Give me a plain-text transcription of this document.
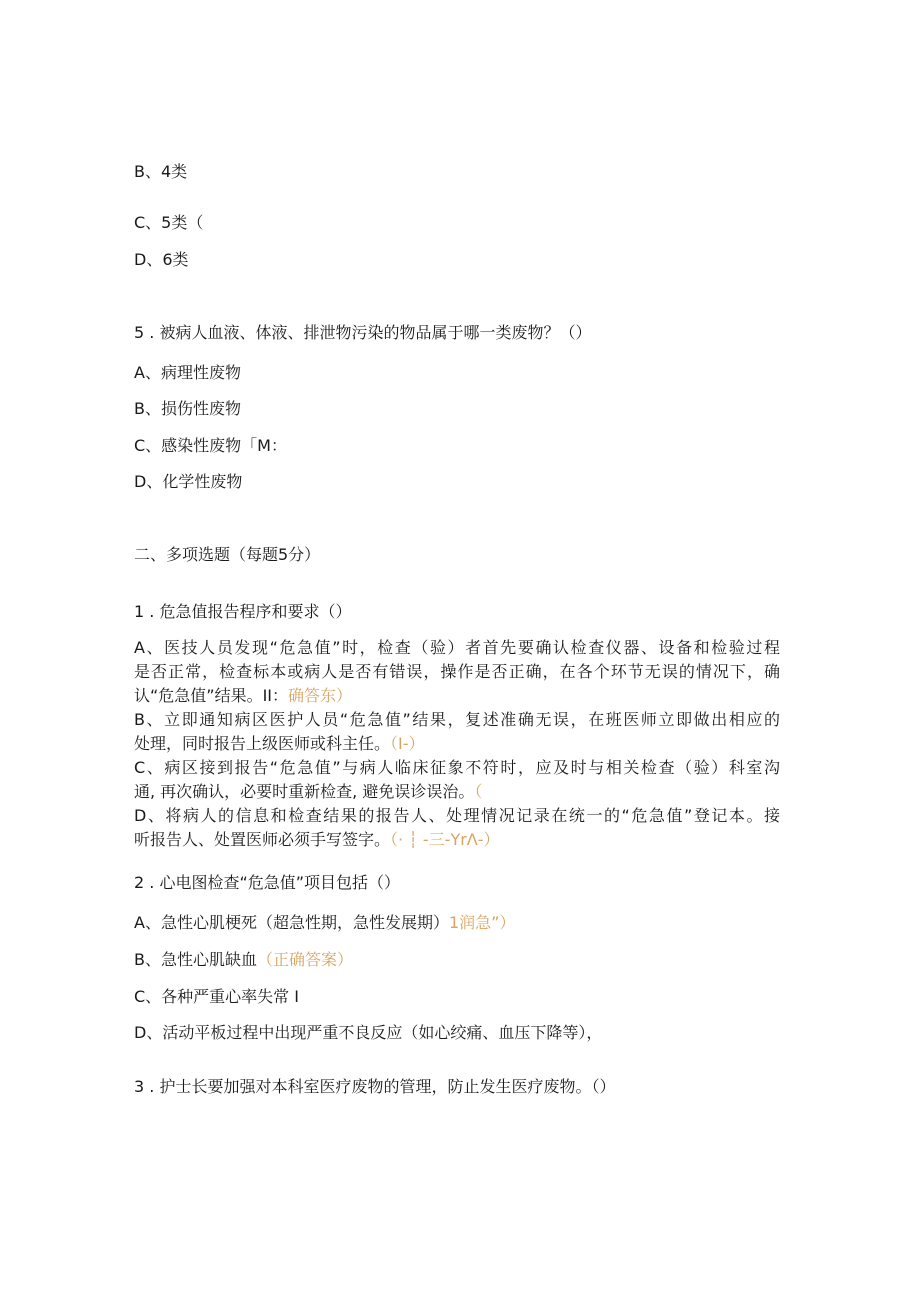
B、4类
C、5类（
D、6类
5 . 被病人血液、体液、排泄物污染的物品属于哪一类废物？（）
A、病理性废物
B、损伤性废物
C、感染性废物「M：
D、化学性废物
二、多项选题（每题5分）
1 . 危急值报告程序和要求（）
A、医技人员发现“危急值”时，检查（验）者首先要确认检查仪器、设备和检验过程
是否正常，检查标本或病人是否有错误，操作是否正确，在各个环节无误的情况下，确
认“危急值”结果。II：确答东）
B、立即通知病区医护人员“危急值”结果，复述准确无误，在班医师立即做出相应的
处理，同时报告上级医师或科主任。（I-）
C、病区接到报告“危急值”与病人临床征象不符时，应及时与相关检查（验）科室沟
通, 再次确认，必要时重新检查, 避免误诊误治。（
D、将病人的信息和检查结果的报告人、处理情况记录在统一的“危急值”登记本。接
听报告人、处置医师必须手写签字。（· ┆ -三-YrΛ-）
2 . 心电图检查“危急值”项目包括（）
A、急性心肌梗死（超急性期，急性发展期）1润急”）
B、急性心肌缺血（正确答案）
C、各种严重心率失常 I
D、活动平板过程中出现严重不良反应（如心绞痛、血压下降等），
3 . 护士长要加强对本科室医疗废物的管理，防止发生医疗废物。（）
